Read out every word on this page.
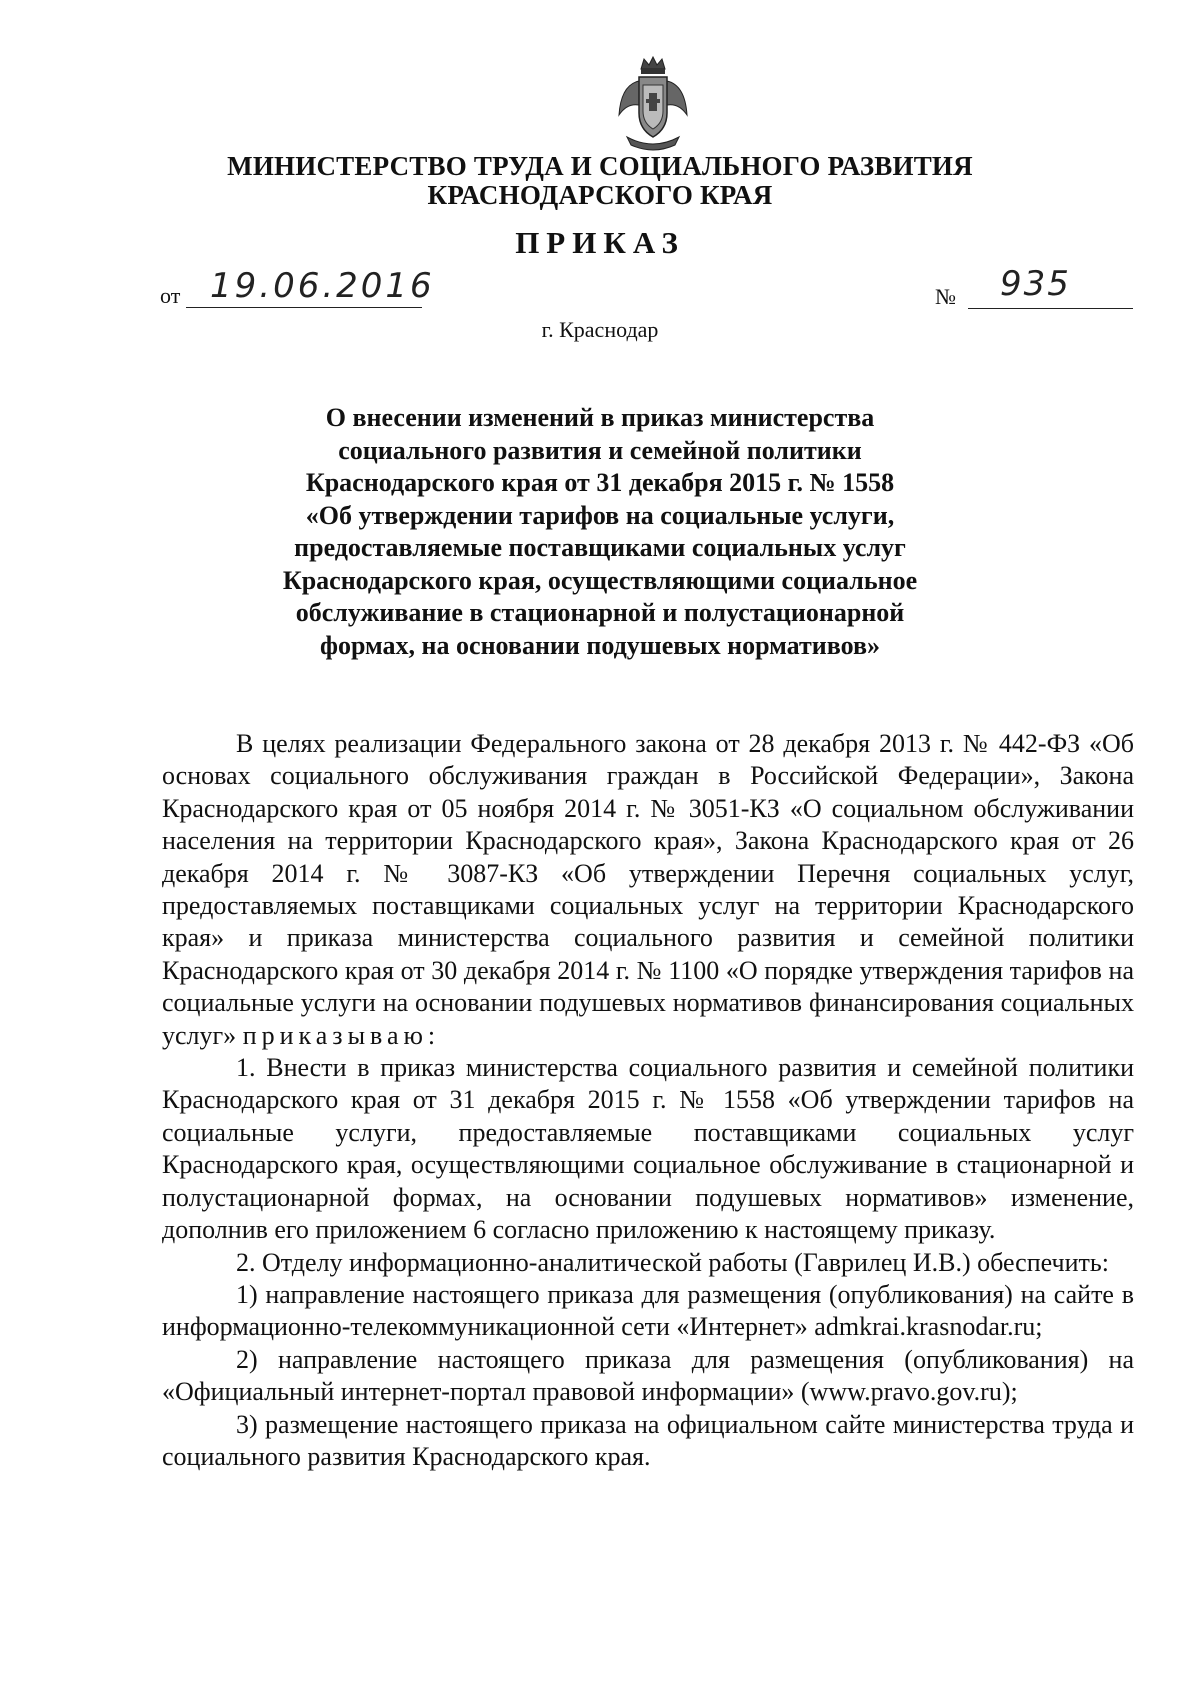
МИНИСТЕРСТВО ТРУДА И СОЦИАЛЬНОГО РАЗВИТИЯ
КРАСНОДАРСКОГО КРАЯ
ПРИКАЗ
от 19.06.2016	№ 935
г. Краснодар
О внесении изменений в приказ министерства
социального развития и семейной политики
Краснодарского края от 31 декабря 2015 г. № 1558
«Об утверждении тарифов на социальные услуги,
предоставляемые поставщиками социальных услуг
Краснодарского края, осуществляющими социальное
обслуживание в стационарной и полустационарной
формах, на основании подушевых нормативов»

В целях реализации Федерального закона от 28 декабря 2013 г. № 442-ФЗ «Об основах социального обслуживания граждан в Российской Федерации», Закона Краснодарского края от 05 ноября 2014 г. № 3051-КЗ «О социальном обслуживании населения на территории Краснодарского края», Закона Краснодарского края от 26 декабря 2014 г. № 3087-КЗ «Об утверждении Перечня социальных услуг, предоставляемых поставщиками социальных услуг на территории Краснодарского края» и приказа министерства социального развития и семейной политики Краснодарского края от 30 декабря 2014 г. № 1100 «О порядке утверждения тарифов на социальные услуги на основании подушевых нормативов финансирования социальных услуг» приказываю:

1. Внести в приказ министерства социального развития и семейной политики Краснодарского края от 31 декабря 2015 г. № 1558 «Об утверждении тарифов на социальные услуги, предоставляемые поставщиками социальных услуг Краснодарского края, осуществляющими социальное обслуживание в стационарной и полустационарной формах, на основании подушевых нормативов» изменение, дополнив его приложением 6 согласно приложению к настоящему приказу.

2. Отделу информационно-аналитической работы (Гаврилец И.В.) обеспечить:

1) направление настоящего приказа для размещения (опубликования) на сайте в информационно-телекоммуникационной сети «Интернет» admkrai.krasnodar.ru;

2) направление настоящего приказа для размещения (опубликования) на «Официальный интернет-портал правовой информации» (www.pravo.gov.ru);

3) размещение настоящего приказа на официальном сайте министерства труда и социального развития Краснодарского края.
